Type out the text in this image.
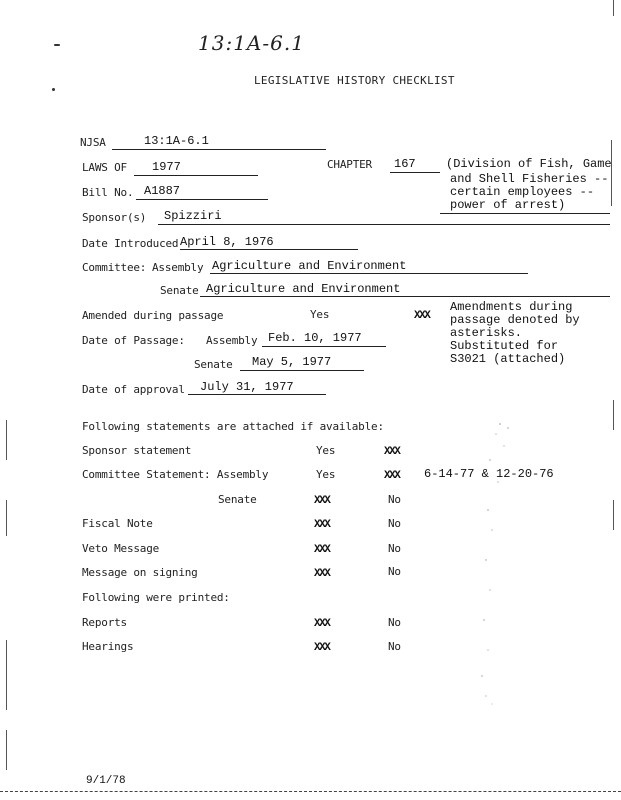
13:1A-6.1
LEGISLATIVE HISTORY CHECKLIST
NJSA	13:1A-6.1
LAWS OF 1977	CHAPTER 167	(Division of Fish, Game
and Shell Fisheries --
certain employees --
power of arrest)
Bill No. A1887
Sponsor(s) Spizziri
Date Introduced April 8, 1976
Committee: Assembly Agriculture and Environment
Senate Agriculture and Environment
Amended during passage	Yes	XXX
Amendments during
passage denoted by
asterisks.
Substituted for
S3021 (attached)
Date of Passage: Assembly Feb. 10, 1977
Senate May 5, 1977
Date of approval July 31, 1977
Following statements are attached if available:
Sponsor statement	Yes	XXX
Committee Statement: Assembly	Yes	XXX 6-14-77 & 12-20-76
Senate	XXX	No
Fiscal Note	XXX	No
Veto Message	XXX	No
Message on signing	XXX	No
Following were printed:
Reports	XXX	No
Hearings	XXX	No
9/1/78
